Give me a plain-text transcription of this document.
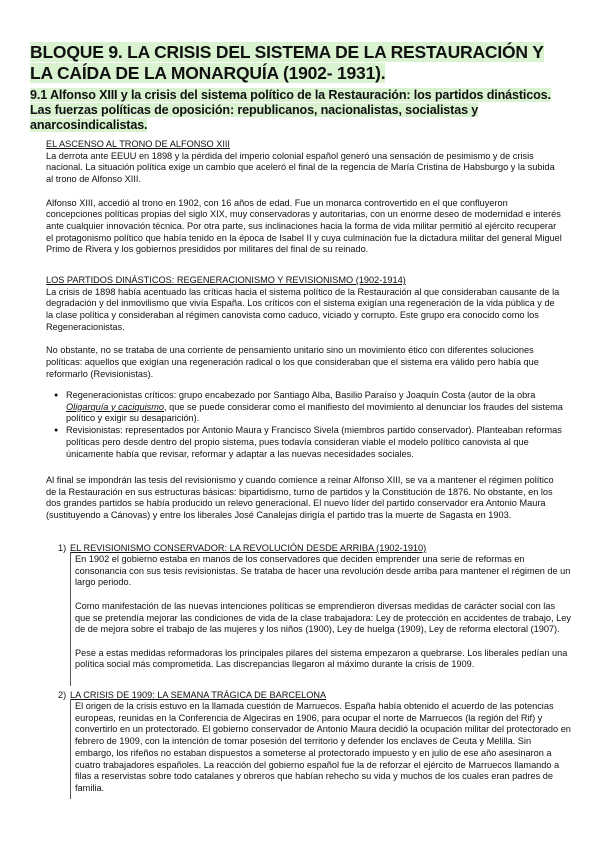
BLOQUE 9. LA CRISIS DEL SISTEMA DE LA RESTAURACIÓN Y LA CAÍDA DE LA MONARQUÍA (1902- 1931).
9.1 Alfonso XIII y la crisis del sistema político de la Restauración: los partidos dinásticos. Las fuerzas políticas de oposición: republicanos, nacionalistas, socialistas y anarcosindicalistas.

EL ASCENSO AL TRONO DE ALFONSO XIII

La derrota ante EEUU en 1898 y la pérdida del imperio colonial español generó una sensación de pesimismo y de crisis nacional. La situación política exige un cambio que aceleró el final de la regencia de María Cristina de Habsburgo y la subida al trono de Alfonso XIII.

Alfonso XIII, accedió al trono en 1902, con 16 años de edad. Fue un monarca controvertido en el que confluyeron concepciones políticas propias del siglo XIX, muy conservadoras y autoritarias, con un enorme deseo de modernidad e interés ante cualquier innovación técnica. Por otra parte, sus inclinaciones hacia la forma de vida militar permitió al ejército recuperar el protagonismo político que había tenido en la época de Isabel II y cuya culminación fue la dictadura militar del general Miguel Primo de Rivera y los gobiernos presididos por militares del final de su reinado.

LOS PARTIDOS DINÁSTICOS: REGENERACIONISMO Y REVISIONISMO (1902-1914)

La crisis de 1898 había acentuado las críticas hacia el sistema político de la Restauración al que consideraban causante de la degradación y del inmovilismo que vivía España. Los críticos con el sistema exigían una regeneración de la vida pública y de la clase política y consideraban al régimen canovista como caduco, viciado y corrupto. Este grupo era conocido como los Regeneracionistas.

No obstante, no se trataba de una corriente de pensamiento unitario sino un movimiento ético con diferentes soluciones políticas: aquellos que exigían una regeneración radical o los que consideraban que el sistema era válido pero había que reformarlo (Revisionistas).

● Regeneracionistas críticos: grupo encabezado por Santiago Alba, Basilio Paraíso y Joaquín Costa (autor de la obra Oligarquía y caciquismo, que se puede considerar como el manifiesto del movimiento al denunciar los fraudes del sistema político y exigir su desaparición).
● Revisionistas: representados por Antonio Maura y Francisco Sivela (miembros partido conservador). Planteaban reformas políticas pero desde dentro del propio sistema, pues todavía consideran viable el modelo político canovista al que únicamente había que revisar, reformar y adaptar a las nuevas necesidades sociales.

Al final se impondrán las tesis del revisionismo y cuando comience a reinar Alfonso XIII, se va a mantener el régimen político de la Restauración en sus estructuras básicas: bipartidismo, turno de partidos y la Constitución de 1876. No obstante, en los dos grandes partidos se había producido un relevo generacional. El nuevo líder del partido conservador era Antonio Maura (sustituyendo a Cánovas) y entre los liberales José Canalejas dirigía el partido tras la muerte de Sagasta en 1903.

1) EL REVISIONISMO CONSERVADOR: LA REVOLUCIÓN DESDE ARRIBA (1902-1910)

En 1902 el gobierno estaba en manos de los conservadores que deciden emprender una serie de reformas en consonancia con sus tesis revisionistas. Se trataba de hacer una revolución desde arriba para mantener el régimen de un largo periodo.

Como manifestación de las nuevas intenciones políticas se emprendieron diversas medidas de carácter social con las que se pretendía mejorar las condiciones de vida de la clase trabajadora: Ley de protección en accidentes de trabajo, Ley de de mejora sobre el trabajo de las mujeres y los niños (1900), Ley de huelga (1909), Ley de reforma electoral (1907).

Pese a estas medidas reformadoras los principales pilares del sistema empezaron a quebrarse. Los liberales pedían una política social más comprometida. Las discrepancias llegaron al máximo durante la crisis de 1909.

2) LA CRISIS DE 1909: LA SEMANA TRÁGICA DE BARCELONA

El origen de la crisis estuvo en la llamada cuestión de Marruecos. España había obtenido el acuerdo de las potencias europeas, reunidas en la Conferencia de Algeciras en 1906, para ocupar el norte de Marruecos (la región del Rif) y convertirlo en un protectorado. El gobierno conservador de Antonio Maura decidió la ocupación militar del protectorado en febrero de 1909, con la intención de tomar posesión del territorio y defender los enclaves de Ceuta y Melilla. Sin embargo, los rifeños no estaban dispuestos a someterse al protectorado impuesto y en julio de ese año asesinaron a cuatro trabajadores españoles. La reacción del gobierno español fue la de reforzar el ejército de Marruecos llamando a filas a reservistas sobre todo catalanes y obreros que habían rehecho su vida y muchos de los cuales eran padres de familia.
